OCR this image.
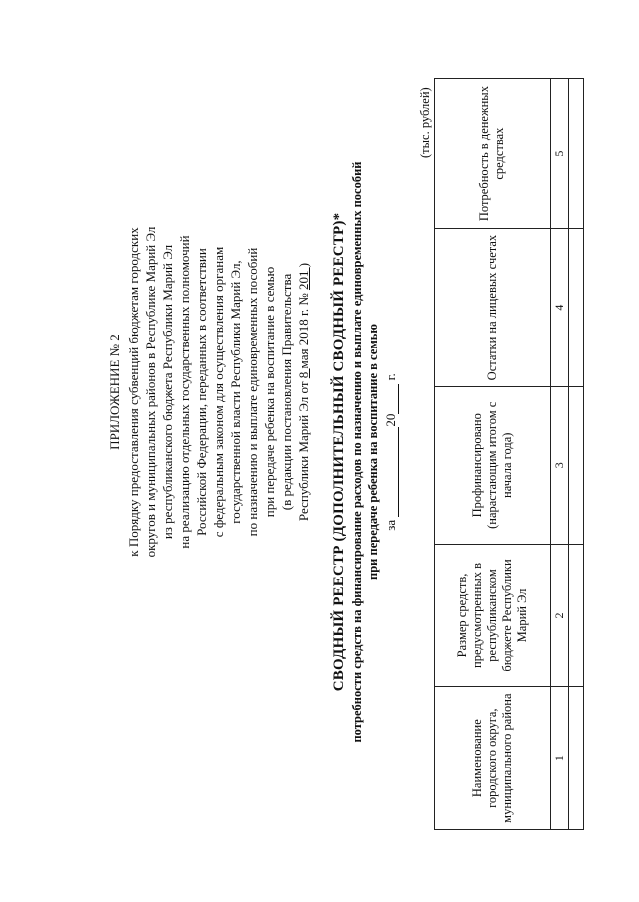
ПРИЛОЖЕНИЕ № 2 к Порядку предоставления субвенций бюджетам городских округов и муниципальных районов в Республике Марий Эл из республиканского бюджета Республики Марий Эл на реализацию отдельных государственных полномочий Российской Федерации, переданных в соответствии с федеральным законом для осуществления органам государственной власти Республики Марий Эл, по назначению и выплате единовременных пособий при передаче ребенка на воспитание в семью (в редакции постановления Правительства Республики Марий Эл от 8 мая 2018 г. № 201 ) СВОДНЫЙ РЕЕСТР (ДОПОЛНИТЕЛЬНЫЙ СВОДНЫЙ РЕЕСТР)* потребности средств на финансирование расходов по назначению и выплате единовременных пособий при передаче ребенка на воспитание в семью за 20 г.
(тыс. рублей)
Наименование городского округа, муниципального района	Размер средств, предусмотренных в республиканском бюджете Республики Марий Эл	Профинансировано (нарастающим итогом с начала года)	Остатки на лицевых счетах	Потребность в денежных средствах
1	2	3	4	5
